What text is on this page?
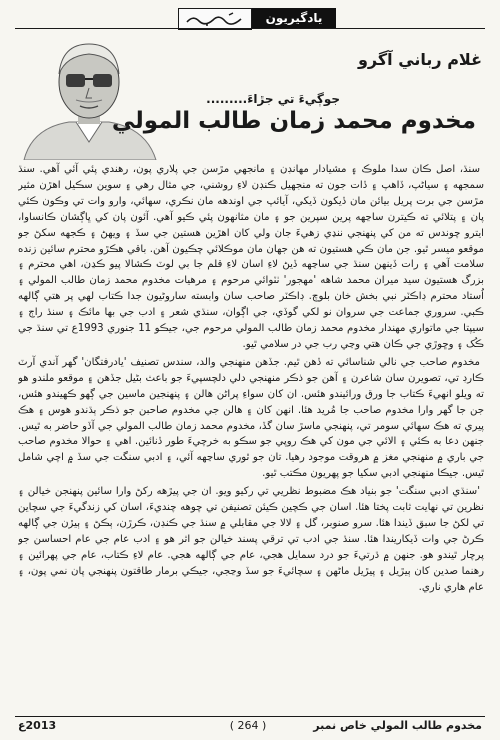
يادگيريون
غلام رباني آگرو
جوڳيءَ تي جڙاءَ.........
مخدوم محمد زمان طالب المولي

سنڌ، اصل ڪان سدا ملوڪ ۽ مشيادار مهانڊن ۽ مانجهي مڙسن جي پلاري پون، رهندي پئي آئي آهي. سنڌ سمجهه ۽ سياڻپ، ڏاهپ ۽ ڏات جون ته منجهيل ڪنڊن لاءِ روشني، جي مثال رهي ۽ سوين سڪيل اهڙن مثير مڙسن جي برت پريل بيائن مان ڏيکون ڏيکي، آيائپ جي اوندهه مان نڪري، سهائي، وارو وات تي وڪون ڪئي پان ۽ پتلائي ته ڪيترن ساڃهه پرين سپرين جو ۽ مان مثانهون پئي ڪيو آهي. آئون پان کي ڀاڳشان ڪانساوا، ايترو چوندس ته من کي پنهنجي ننڍي زهيءَ جان ولي کان اهڙين هستين جي سڏ ۽ ويهڻ ۽ ڪجهه سکڻ جو موقعو ميسر ٿيو. جن مان ڪي هستيون ته هن جهان مان موڪلائي چڪيون آهن. باقي هڪڙو محترم سائين زنده سلامت آهي ۽ رات ڏينهن سنڌ جي ساڃهه ڏيڻ لاءِ اسان لاءِ قلم جا بي لوٽ ڪشالا پيو ڪڍن، اهي محترم ۽ بزرگ هستيون سيد ميران محمد شاهه 'مهجور' ٺٽوائي مرحوم ۽ مرهيات مخدوم محمد زمان طالب المولي ۽ اُستاد محترم ڊاڪٽر نبي بخش خان بلوچ. ڊاڪٽر صاحب سان وابسته ساروڻيون جدا ڪتاب لهي پر هتي ڳالهه ڪبي. سروري جماعت جي سروان نو لکي گوڏي، جي اڳوان، سنڌي شعر ۽ ادب جي بها مائڪ ۽ سنڌ راڄ ۽ سيپتا جي ماتواري مهندار مخدوم محمد زمان طالب المولي مرحوم جي، جيڪو 11 جنوري 1993ع تي سنڌ جي ڪُک ۽ وڇوڙي جي ڪان هتي وڃي رب جي در سلامي ٿيو.

مخدوم صاحب جي نالي شناسائي ته ڏهن ٿيم. جڏهن منهنجي والد، سندس تصنيف 'يادرفتگان' گهر آندي آرٽ ڪارڊ تي، تصويرن سان شاعرن ۽ آهن جو ذڪر منهنجي دلي دلچسپيءَ جو باعث بڻيل جڏهن ۽ موقعو ملندو هو ته ويلو انهيءَ ڪتاب جا ورق ورائيندو هئس. ان کان سواءِ پراڻن هالن ۽ پنهنجين ماسين جي ڳهو ڪهيندو هئس، جن جا گهر وارا مخدوم صاحب جا مُريد هئا. انهن کان ۽ هالن جي مخدوم صاحبن جو ذڪر ٻڌندو هوس ۽ هڪ پيري ته هڪ سهائي سومر تي، پنهنجي ماسڙ سان گڏ، مخدوم محمد زمان طالب المولي جي آڏو حاضر به ٿيس. جنهن دعا به ڪئي ۽ الائي جي مون کي هڪ روپي جو سڪو به خرچيءَ طور ڏنائين. اهي ۽ حوالا مخدوم صاحب جي باري ۾ منهنجي مغز ۾ هروقت موجود رهيا. تان جو ٿوري ساڃهه آئي، ۽ ادبي سنگت جي سڏ ۾ اچي شامل ٿيس. جيڪا منهنجي ادبي سکيا جو پهريون مڪتب ٿيو.

'سنڌي ادبي سنگت' جو بنياد هڪ مضبوط نظريي تي رکيو ويو. ان جي پيڙهه رکڻ وارا سائين پنهنجن خيالن ۽ نظرين تي نهايت ثابت پختا هئا. اسان جي ڪچين ڪيئن تصنيفن تي چوهه چنديءَ، اسان کي زندگيءَ جي سچاين تي لکڻ جا سبق ڏيندا هئا. سرو صنوبر، گل ۽ لالا جي مقابلي ۾ سنڌ جي ڪنڊن، ڪرڙن، ٻڪڻ ۽ ٻيڙن جي ڳالهه ڪرڻ جي وات ڏيکاريندا هئا. سنڌ جي ادب تي ترقي پسند خيالن جو اثر هو ۽ ادب عام جي عام احساسن جو پرچار ٿيندو هو. جنهن ۾ ڌرتيءَ جو درد سمايل هجي، عام جي ڳالهه هجي. عام لاءِ ڪتاب، عام جي پهرائين ۽ رهنما صدين کان ٻيڙيل ۽ پيڙيل ماڻهن ۽ سچائيءَ جو سڏ وڃجي، جيڪي برمار طاقتون پنهنجي پان نمي پون، ۽ عام هاري ناري.

مخدوم طالب المولي خاص نمبر
( 264 )
2013ع
